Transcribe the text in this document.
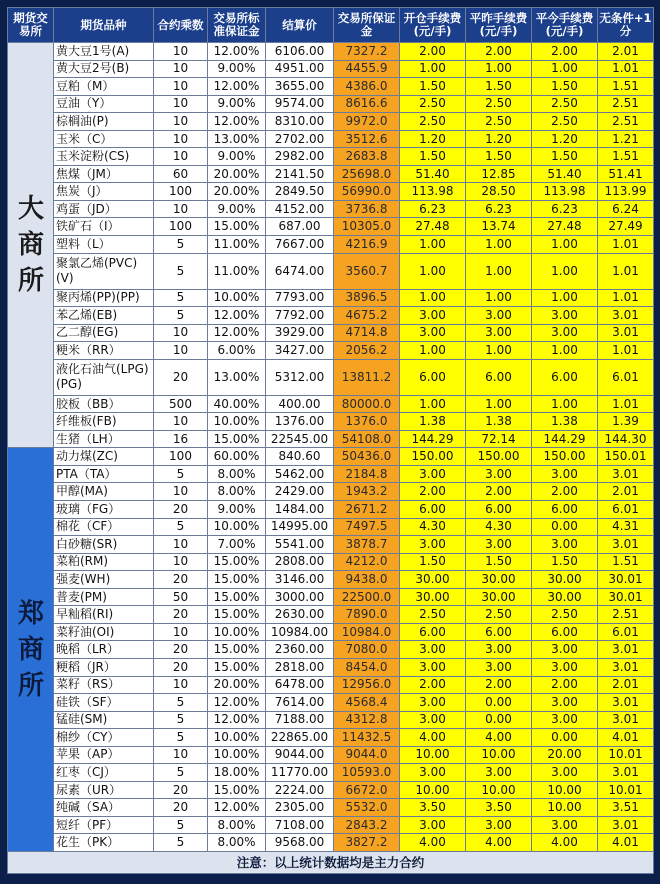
期货交易所	期货品种	合约乘数	交易所标准保证金	结算价	交易所保证金	开仓手续费(元/手)	平昨手续费(元/手)	平今手续费(元/手)	无条件+1分
大商所	黄大豆1号(A)	10	12.00%	6106.00	7327.2	2.00	2.00	2.00	2.01
	黄大豆2号(B)	10	9.00%	4951.00	4455.9	1.00	1.00	1.00	1.01
	豆粕（M）	10	12.00%	3655.00	4386.0	1.50	1.50	1.50	1.51
	豆油（Y）	10	9.00%	9574.00	8616.6	2.50	2.50	2.50	2.51
	棕榈油(P)	10	12.00%	8310.00	9972.0	2.50	2.50	2.50	2.51
	玉米（C）	10	13.00%	2702.00	3512.6	1.20	1.20	1.20	1.21
	玉米淀粉(CS)	10	9.00%	2982.00	2683.8	1.50	1.50	1.50	1.51
	焦煤（JM）	60	20.00%	2141.50	25698.0	51.40	12.85	51.40	51.41
	焦炭（J）	100	20.00%	2849.50	56990.0	113.98	28.50	113.98	113.99
	鸡蛋（JD）	10	9.00%	4152.00	3736.8	6.23	6.23	6.23	6.24
	铁矿石（I）	100	15.00%	687.00	10305.0	27.48	13.74	27.48	27.49
	塑料（L）	5	11.00%	7667.00	4216.9	1.00	1.00	1.00	1.01
	聚氯乙烯(PVC)(V)	5	11.00%	6474.00	3560.7	1.00	1.00	1.00	1.01
	聚丙烯(PP)(PP)	5	10.00%	7793.00	3896.5	1.00	1.00	1.00	1.01
	苯乙烯(EB)	5	12.00%	7792.00	4675.2	3.00	3.00	3.00	3.01
	乙二醇(EG)	10	12.00%	3929.00	4714.8	3.00	3.00	3.00	3.01
	粳米（RR）	10	6.00%	3427.00	2056.2	1.00	1.00	1.00	1.01
	液化石油气(LPG)(PG)	20	13.00%	5312.00	13811.2	6.00	6.00	6.00	6.01
	胶板（BB）	500	40.00%	400.00	80000.0	1.00	1.00	1.00	1.01
	纤维板(FB)	10	10.00%	1376.00	1376.0	1.38	1.38	1.38	1.39
	生猪（LH）	16	15.00%	22545.00	54108.0	144.29	72.14	144.29	144.30
郑商所	动力煤(ZC)	100	60.00%	840.60	50436.0	150.00	150.00	150.00	150.01
	PTA（TA）	5	8.00%	5462.00	2184.8	3.00	3.00	3.00	3.01
	甲醇(MA)	10	8.00%	2429.00	1943.2	2.00	2.00	2.00	2.01
	玻璃（FG）	20	9.00%	1484.00	2671.2	6.00	6.00	6.00	6.01
	棉花（CF）	5	10.00%	14995.00	7497.5	4.30	4.30	0.00	4.31
	白砂糖(SR)	10	7.00%	5541.00	3878.7	3.00	3.00	3.00	3.01
	菜粕(RM)	10	15.00%	2808.00	4212.0	1.50	1.50	1.50	1.51
	强麦(WH)	20	15.00%	3146.00	9438.0	30.00	30.00	30.00	30.01
	普麦(PM)	50	15.00%	3000.00	22500.0	30.00	30.00	30.00	30.01
	早籼稻(RI)	20	15.00%	2630.00	7890.0	2.50	2.50	2.50	2.51
	菜籽油(OI)	10	10.00%	10984.00	10984.0	6.00	6.00	6.00	6.01
	晚稻（LR）	20	15.00%	2360.00	7080.0	3.00	3.00	3.00	3.01
	粳稻（JR）	20	15.00%	2818.00	8454.0	3.00	3.00	3.00	3.01
	菜籽（RS）	10	20.00%	6478.00	12956.0	2.00	2.00	2.00	2.01
	硅铁（SF）	5	12.00%	7614.00	4568.4	3.00	0.00	3.00	3.01
	锰硅(SM)	5	12.00%	7188.00	4312.8	3.00	0.00	3.00	3.01
	棉纱（CY）	5	10.00%	22865.00	11432.5	4.00	4.00	0.00	4.01
	苹果（AP）	10	10.00%	9044.00	9044.0	10.00	10.00	20.00	10.01
	红枣（CJ）	5	18.00%	11770.00	10593.0	3.00	3.00	3.00	3.01
	尿素（UR）	20	15.00%	2224.00	6672.0	10.00	10.00	10.00	10.01
	纯碱（SA）	20	12.00%	2305.00	5532.0	3.50	3.50	10.00	3.51
	短纤（PF）	5	8.00%	7108.00	2843.2	3.00	3.00	3.00	3.01
	花生（PK）	5	8.00%	9568.00	3827.2	4.00	4.00	4.00	4.01
注意：以上统计数据均是主力合约									
